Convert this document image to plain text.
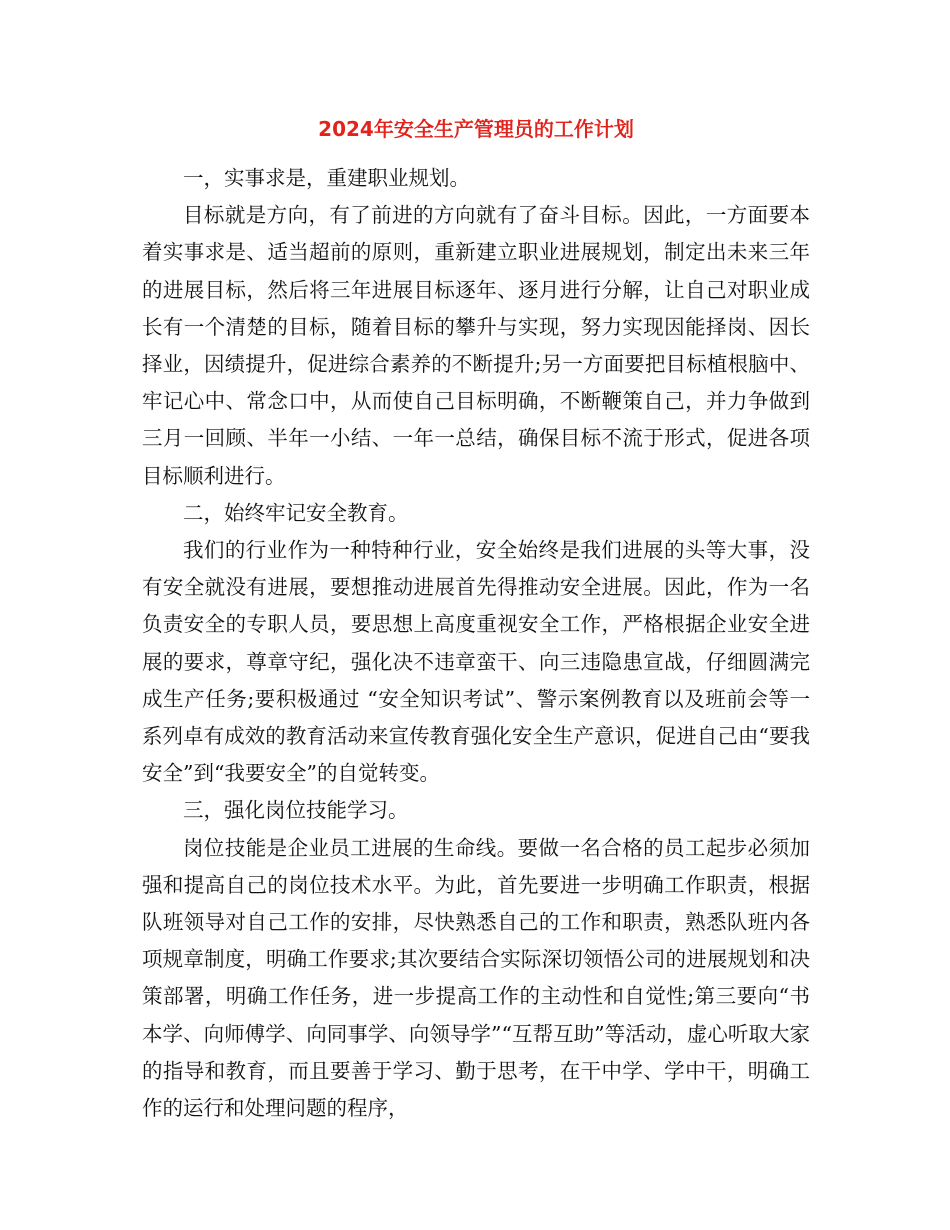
2024年安全生产管理员的工作计划

一，实事求是，重建职业规划。

目标就是方向，有了前进的方向就有了奋斗目标。因此，一方面要本着实事求是、适当超前的原则，重新建立职业进展规划，制定出未来三年的进展目标，然后将三年进展目标逐年、逐月进行分解，让自己对职业成长有一个清楚的目标，随着目标的攀升与实现，努力实现因能择岗、因长择业，因绩提升，促进综合素养的不断提升;另一方面要把目标植根脑中、牢记心中、常念口中，从而使自己目标明确，不断鞭策自己，并力争做到三月一回顾、半年一小结、一年一总结，确保目标不流于形式，促进各项目标顺利进行。

二，始终牢记安全教育。

我们的行业作为一种特种行业，安全始终是我们进展的头等大事，没有安全就没有进展，要想推动进展首先得推动安全进展。因此，作为一名负责安全的专职人员，要思想上高度重视安全工作，严格根据企业安全进展的要求，尊章守纪，强化决不违章蛮干、向三违隐患宣战，仔细圆满完成生产任务;要积极通过 “安全知识考试”、警示案例教育以及班前会等一系列卓有成效的教育活动来宣传教育强化安全生产意识，促进自己由“要我安全”到“我要安全”的自觉转变。

三，强化岗位技能学习。

岗位技能是企业员工进展的生命线。要做一名合格的员工起步必须加强和提高自己的岗位技术水平。为此，首先要进一步明确工作职责，根据队班领导对自己工作的安排，尽快熟悉自己的工作和职责，熟悉队班内各项规章制度，明确工作要求;其次要结合实际深切领悟公司的进展规划和决策部署，明确工作任务，进一步提高工作的主动性和自觉性;第三要向“书本学、向师傅学、向同事学、向领导学”“互帮互助”等活动，虚心听取大家的指导和教育，而且要善于学习、勤于思考，在干中学、学中干，明确工作的运行和处理问题的程序，
